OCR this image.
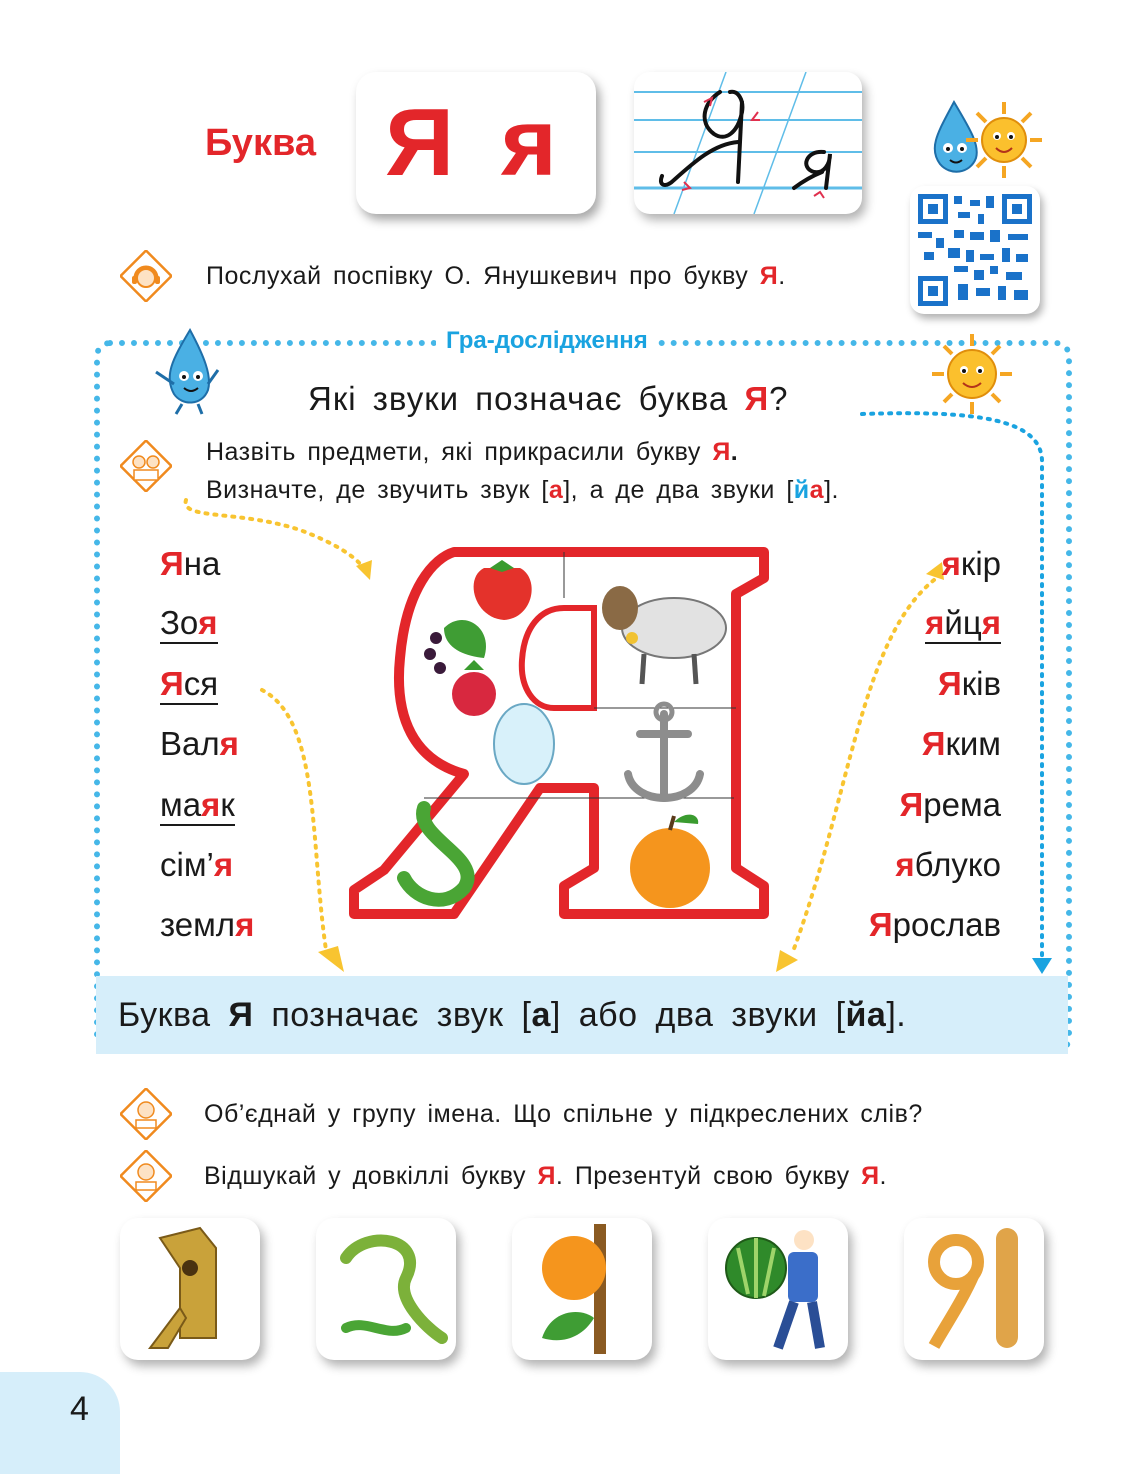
Буква Я я
Послухай поспівку О. Янушкевич про букву Я.
Гра-дослідження
Які звуки позначає буква Я?
Назвіть предмети, які прикрасили букву Я.
Визначте, де звучить звук [а], а де два звуки [йа].
Яна
Зоя
Яся
Валя
маяк
сім’я
земля
якір
яйця
Яків
Яким
Ярема
яблуко
Ярослав
Буква Я позначає звук [а] або два звуки [йа].
Об’єднай у групу імена. Що спільне у підкреслених слів?
Відшукай у довкіллі букву Я. Презентуй свою букву Я.
4
